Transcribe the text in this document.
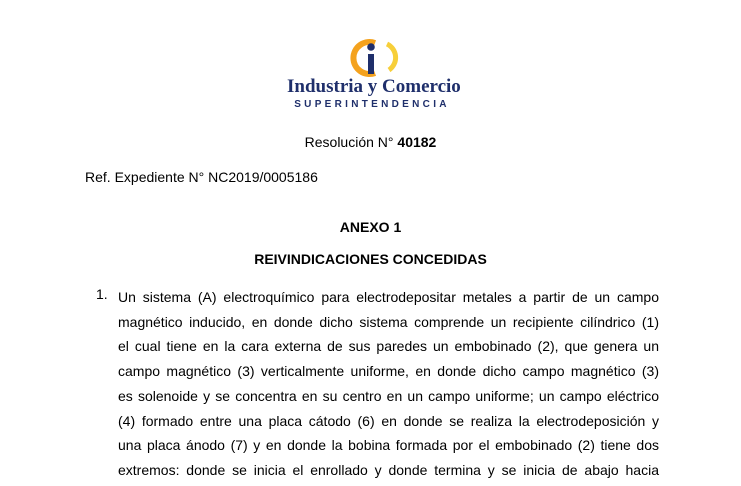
Industria y Comercio
SUPERINTENDENCIA
Resolución N° 40182
Ref. Expediente N° NC2019/0005186
ANEXO 1
REIVINDICACIONES CONCEDIDAS
1. Un sistema (A) electroquímico para electrodepositar metales a partir de un campo
magnético inducido, en donde dicho sistema comprende un recipiente cilíndrico (1)
el cual tiene en la cara externa de sus paredes un embobinado (2), que genera un
campo magnético (3) verticalmente uniforme, en donde dicho campo magnético (3)
es solenoide y se concentra en su centro en un campo uniforme; un campo eléctrico
(4) formado entre una placa cátodo (6) en donde se realiza la electrodeposición y
una placa ánodo (7) y en donde la bobina formada por el embobinado (2) tiene dos
extremos: donde se inicia el enrollado y donde termina y se inicia de abajo hacia
